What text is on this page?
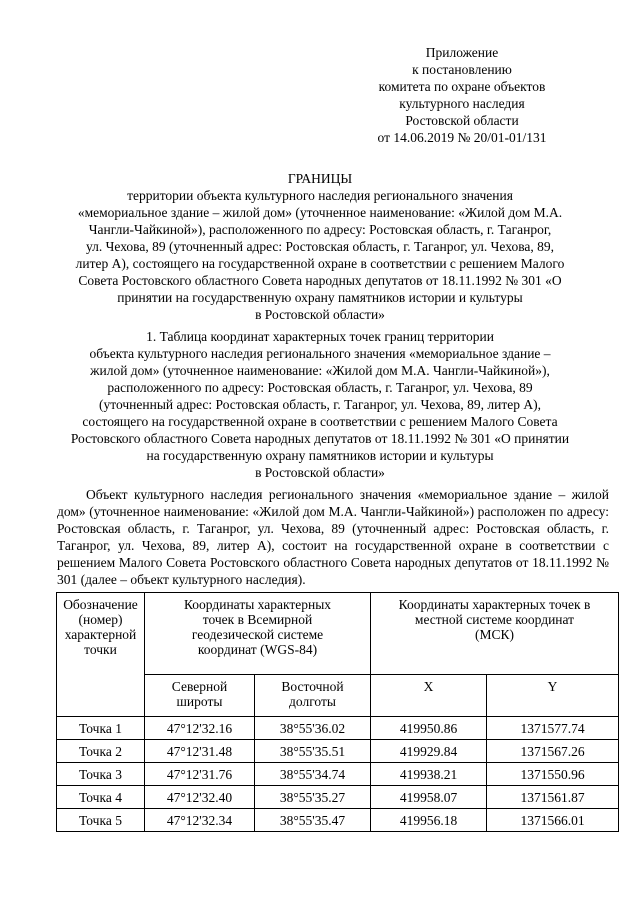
Приложение
к постановлению
комитета по охране объектов
культурного наследия
Ростовской области
от 14.06.2019 № 20/01-01/131
ГРАНИЦЫ
территории объекта культурного наследия регионального значения
«мемориальное здание – жилой дом» (уточненное наименование: «Жилой дом М.А.
Чангли-Чайкиной»), расположенного по адресу: Ростовская область, г. Таганрог,
ул. Чехова, 89 (уточненный адрес: Ростовская область, г. Таганрог, ул. Чехова, 89,
литер А), состоящего на государственной охране в соответствии с решением Малого
Совета Ростовского областного Совета народных депутатов от 18.11.1992 № 301 «О
принятии на государственную охрану памятников истории и культуры
в Ростовской области»
1. Таблица координат характерных точек границ территории
объекта культурного наследия регионального значения «мемориальное здание –
жилой дом» (уточненное наименование: «Жилой дом М.А. Чангли-Чайкиной»),
расположенного по адресу: Ростовская область, г. Таганрог, ул. Чехова, 89
(уточненный адрес: Ростовская область, г. Таганрог, ул. Чехова, 89, литер А),
состоящего на государственной охране в соответствии с решением Малого Совета
Ростовского областного Совета народных депутатов от 18.11.1992 № 301 «О принятии
на государственную охрану памятников истории и культуры
в Ростовской области»

Объект культурного наследия регионального значения «мемориальное здание – жилой дом» (уточненное наименование: «Жилой дом М.А. Чангли-Чайкиной») расположен по адресу: Ростовская область, г. Таганрог, ул. Чехова, 89 (уточненный адрес: Ростовская область, г. Таганрог, ул. Чехова, 89, литер А), состоит на государственной охране в соответствии с решением Малого Совета Ростовского областного Совета народных депутатов от 18.11.1992 № 301 (далее – объект культурного наследия).

Обозначение
(номер)
характерной
точки	Координаты характерных
точек в Всемирной
геодезической системе
координат (WGS-84)		Координаты характерных точек в
местной системе координат
(МСК)	

	Северной
широты	Восточной
долготы	X	Y
Точка 1	47°12'32.16	38°55'36.02	419950.86	1371577.74
Точка 2	47°12'31.48	38°55'35.51	419929.84	1371567.26
Точка 3	47°12'31.76	38°55'34.74	419938.21	1371550.96
Точка 4	47°12'32.40	38°55'35.27	419958.07	1371561.87
Точка 5	47°12'32.34	38°55'35.47	419956.18	1371566.01
